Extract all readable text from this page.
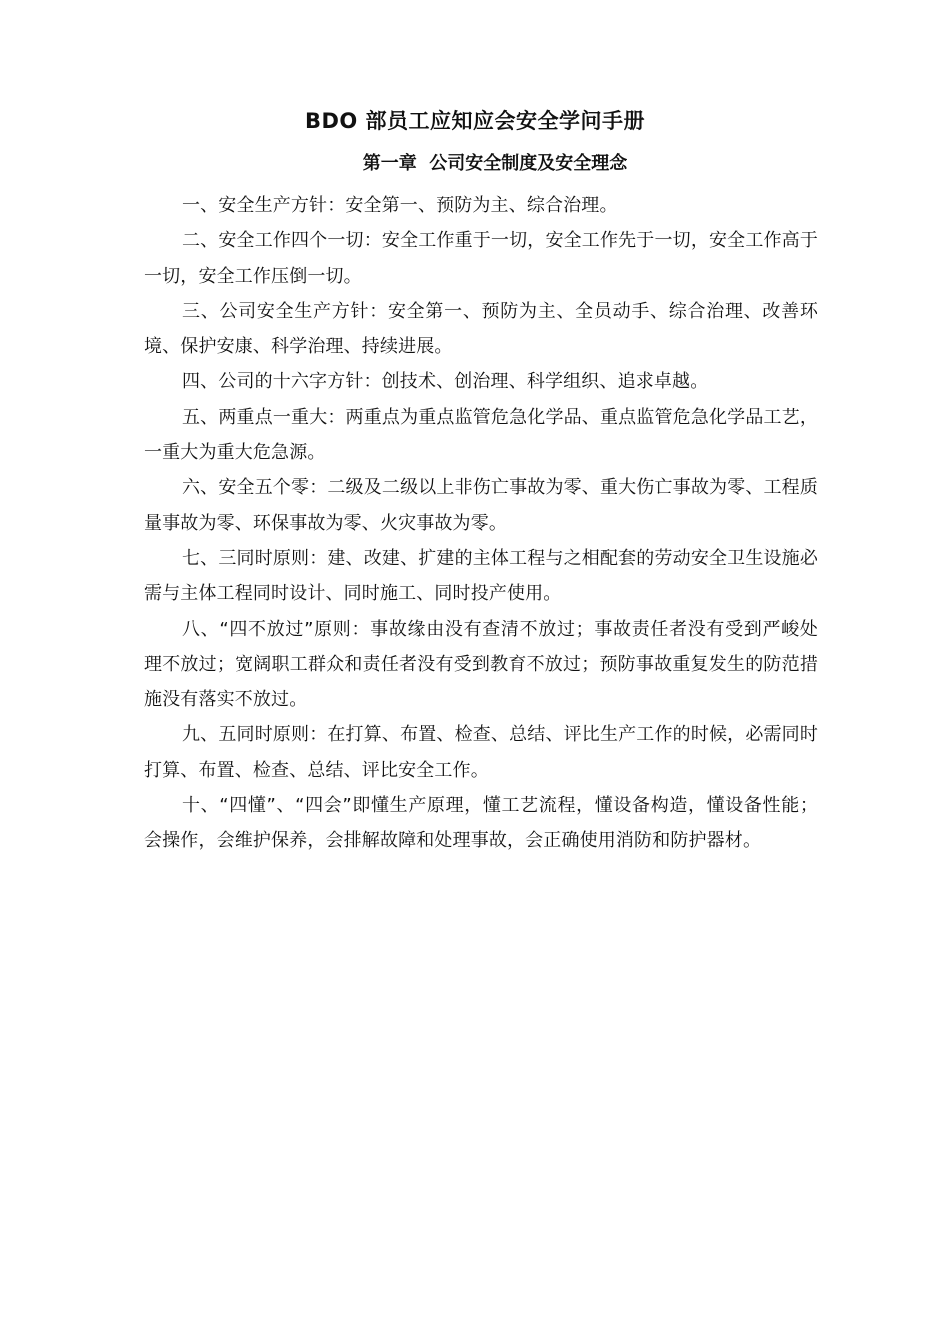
BDO 部员工应知应会安全学问手册
第一章  公司安全制度及安全理念

一、安全生产方针：安全第一、预防为主、综合治理。

二、安全工作四个一切：安全工作重于一切，安全工作先于一切，安全工作高于一切，安全工作压倒一切。

三、公司安全生产方针：安全第一、预防为主、全员动手、综合治理、改善环境、保护安康、科学治理、持续进展。

四、公司的十六字方针：创技术、创治理、科学组织、追求卓越。

五、两重点一重大：两重点为重点监管危急化学品、重点监管危急化学品工艺，一重大为重大危急源。

六、安全五个零：二级及二级以上非伤亡事故为零、重大伤亡事故为零、工程质量事故为零、环保事故为零、火灾事故为零。

七、三同时原则：建、改建、扩建的主体工程与之相配套的劳动安全卫生设施必需与主体工程同时设计、同时施工、同时投产使用。

八、“四不放过”原则：事故缘由没有查清不放过；事故责任者没有受到严峻处理不放过；宽阔职工群众和责任者没有受到教育不放过；预防事故重复发生的防范措施没有落实不放过。

九、五同时原则：在打算、布置、检查、总结、评比生产工作的时候，必需同时打算、布置、检查、总结、评比安全工作。

十、“四懂”、“四会”即懂生产原理，懂工艺流程，懂设备构造，懂设备性能；会操作，会维护保养，会排解故障和处理事故，会正确使用消防和防护器材。
